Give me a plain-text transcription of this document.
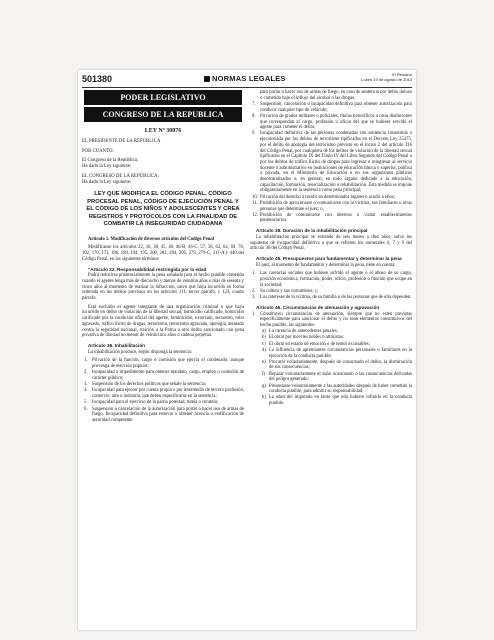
501380	NORMAS LEGALES	El Peruano
Lunes 19 de agosto de 2013
PODER LEGISLATIVO
CONGRESO DE LA REPUBLICA
LEY Nº 30076
EL PRESIDENTE DE LA REPÚBLICA
POR CUANTO:
El Congreso de la República;
Ha dado la Ley siguiente:
EL CONGRESO DE LA REPÚBLICA;
Ha dado la Ley siguiente:
LEY QUE MODIFICA EL CÓDIGO PENAL, CÓDIGO PROCESAL PENAL, CÓDIGO DE EJECUCIÓN PENAL Y EL CÓDIGO DE LOS NIÑOS Y ADOLESCENTES Y CREA REGISTROS Y PROTOCOLOS CON LA FINALIDAD DE COMBATIR LA INSEGURIDAD CIUDADANA
Artículo 1. Modificación de diversos artículos del Código Penal
Modifícanse los artículos 22, 36, 38, 45, 46, 46-B, 46-C, 57, 58, 62, 64, 69, 70, 102, 170, 173, 186, 189, 194, 195, 200, 202, 204, 205, 279, 279-C, 317-A y 440 del Código Penal, en los siguientes términos:
"Artículo 22. Responsabilidad restringida por la edad
Podrá reducirse prudencialmente la pena señalada para el hecho punible cometido cuando el agente tenga más de dieciocho y menos de veintiún años o más de sesenta y cinco años al momento de realizar la infracción, salvo que haya incurrido en forma reiterada en los delitos previstos en los artículos 111, tercer párrafo, y 124, cuarto párrafo.
Está excluido el agente integrante de una organización criminal o que haya incurrido en delito de violación de la libertad sexual, homicidio calificado, homicidio calificado por la condición oficial del agente, feminicidio, extorsión, secuestro, robo agravado, tráfico ilícito de drogas, terrorismo, terrorismo agravado, apología, atentado contra la seguridad nacional, traición a la Patria u otro delito sancionado con pena privativa de libertad no menor de veinticinco años o cadena perpetua.
Artículo 36. Inhabilitación
La inhabilitación produce, según disponga la sentencia:
1. Privación de la función, cargo o comisión que ejercía el condenado, aunque provenga de elección popular;
2. Incapacidad o impedimento para obtener mandato, cargo, empleo o comisión de carácter público;
3. Suspensión de los derechos políticos que señale la sentencia;
4. Incapacidad para ejercer por cuenta propia o por intermedio de tercero profesión, comercio, arte o industria, que deben especificarse en la sentencia;
5. Incapacidad para el ejercicio de la patria potestad, tutela o curatela;
6. Suspensión o cancelación de la autorización para portar o hacer uso de armas de fuego. Incapacidad definitiva para renovar u obtener licencia o certificación de autoridad competente
para portar o hacer uso de armas de fuego, en caso de sentencia por delito doloso o cometido bajo el influjo del alcohol o las drogas.
7. Suspensión, cancelación o incapacidad definitiva para obtener autorización para conducir cualquier tipo de vehículo;
8. Privación de grados militares o policiales, títulos honoríficos u otras distinciones que correspondan al cargo, profesión u oficio del que se hubiese servido el agente para cometer el delito;
9. Incapacidad definitiva de las personas condenadas con sentencia consentida o ejecutoriada por los delitos de terrorismo tipificados en el Decreto Ley 25475, por el delito de apología del terrorismo previsto en el inciso 2 del artículo 316 del Código Penal, por cualquiera de los delitos de violación de la libertad sexual tipificados en el Capítulo IX del Título IV del Libro Segundo del Código Penal o por los delitos de tráfico ilícito de drogas para ingresar o reingresar al servicio docente o administrativo en instituciones de educación básica o superior, pública o privada, en el Ministerio de Educación o en sus organismos públicos descentralizados o, en general, en todo órgano dedicado a la educación, capacitación, formación, resocialización o rehabilitación. Esta medida se impone obligatoriamente en la sentencia como pena principal;
10. Privación del derecho a residir en determinados lugares o acudir a ellos;
11. Prohibición de aproximarse o comunicarse con la víctima, sus familiares u otras personas que determine el juez; o,
12. Prohibición de comunicarse con internos o visitar establecimientos penitenciarios.
Artículo 38. Duración de la inhabilitación principal
La inhabilitación principal se extiende de seis meses a diez años, salvo los supuestos de incapacidad definitiva a que se refieren los numerales 6, 7 y 9 del artículo 36 del Código Penal.
Artículo 45. Presupuestos para fundamentar y determinar la pena
El juez, al momento de fundamentar y determinar la pena, tiene en cuenta:
1. Las carencias sociales que hubiese sufrido el agente o el abuso de su cargo, posición económica, formación, poder, oficio, profesión o función que ocupe en la sociedad;
2. Su cultura y sus costumbres; y,
3. Los intereses de la víctima, de su familia o de las personas que de ella dependen.
Artículo 46. Circunstancias de atenuación y agravación
1. Constituyen circunstancias de atenuación, siempre que no estén previstas específicamente para sancionar el delito y no sean elementos constitutivos del hecho punible, las siguientes:
a) La carencia de antecedentes penales;
b) El obrar por móviles nobles o altruistas;
c) El obrar en estado de emoción o de temor excusables;
d) La influencia de apremiantes circunstancias personales o familiares en la ejecución de la conducta punible;
e) Procurar voluntariamente, después de consumado el delito, la disminución de sus consecuencias;
f) Reparar voluntariamente el daño ocasionado o las consecuencias derivadas del peligro generado;
g) Presentarse voluntariamente a las autoridades después de haber cometido la conducta punible, para admitir su responsabilidad;
h) La edad del imputado en tanto que ella hubiere influido en la conducta punible.
